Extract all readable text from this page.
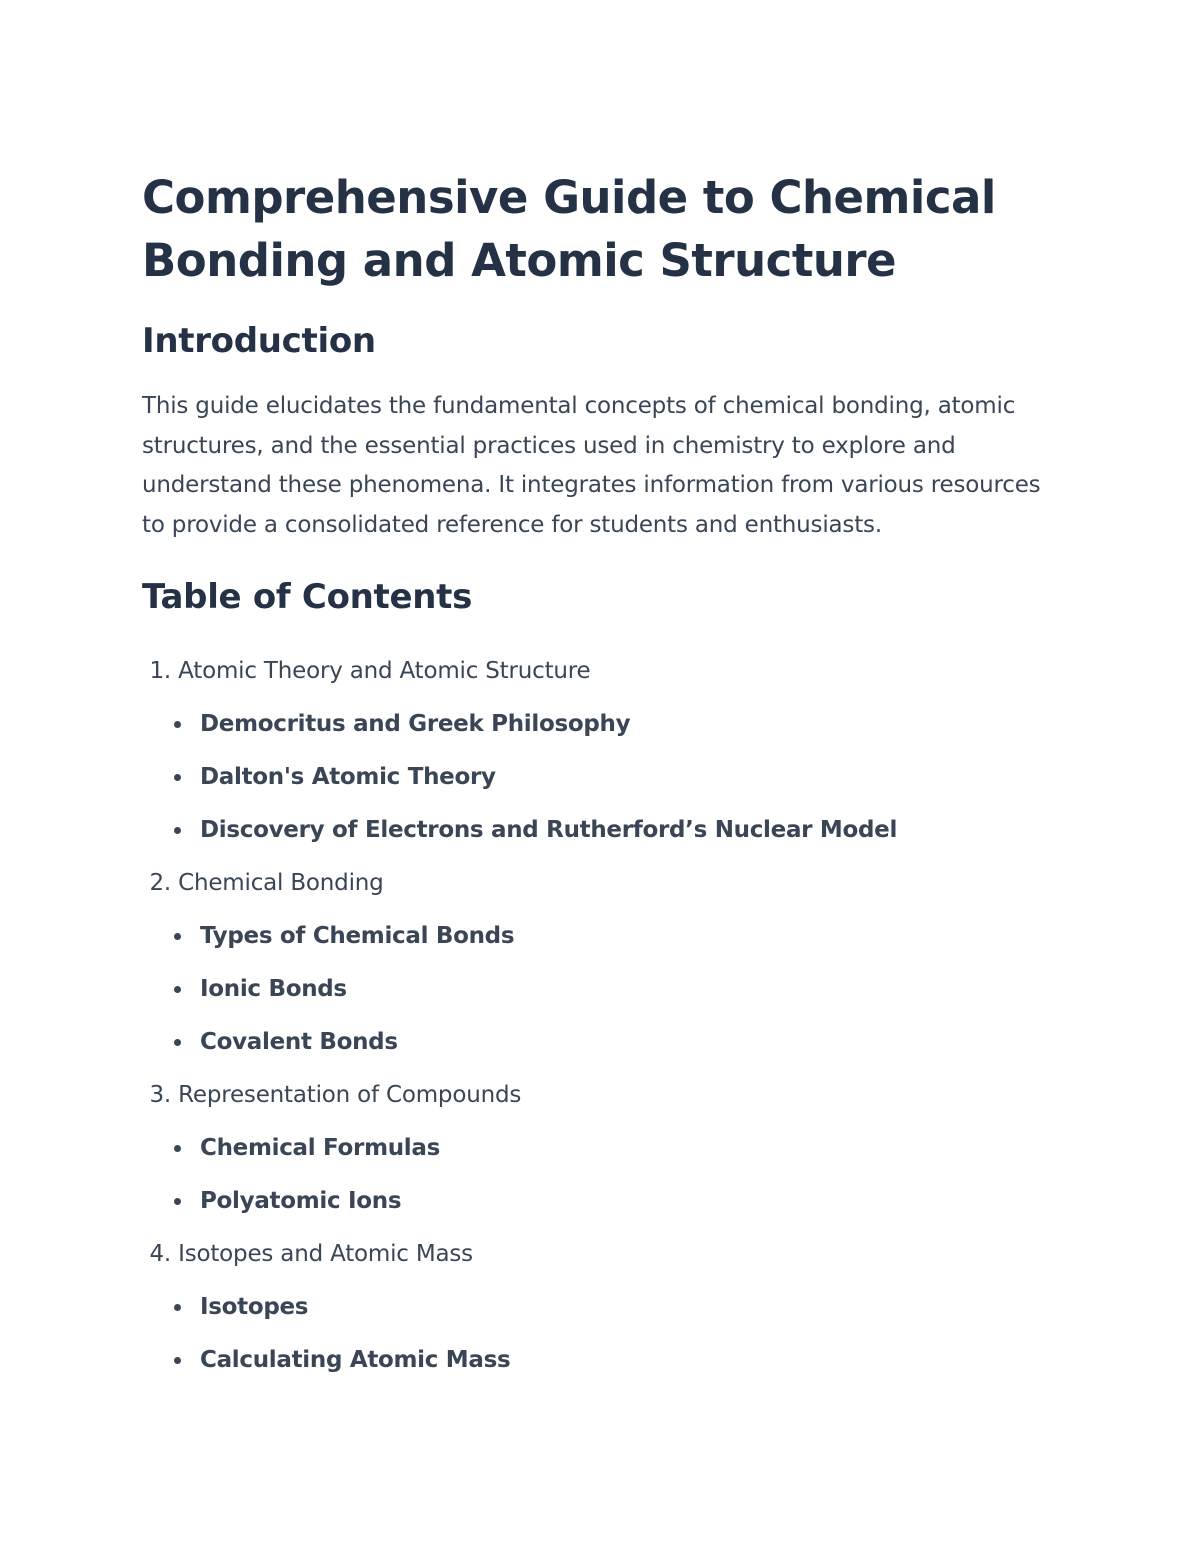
Comprehensive Guide to Chemical Bonding and Atomic Structure
Introduction

This guide elucidates the fundamental concepts of chemical bonding, atomic structures, and the essential practices used in chemistry to explore and understand these phenomena. It integrates information from various resources to provide a consolidated reference for students and enthusiasts.

Table of Contents
1. Atomic Theory and Atomic Structure
Democritus and Greek Philosophy
Dalton's Atomic Theory
Discovery of Electrons and Rutherford’s Nuclear Model
2. Chemical Bonding
Types of Chemical Bonds
Ionic Bonds
Covalent Bonds
3. Representation of Compounds
Chemical Formulas
Polyatomic Ions
4. Isotopes and Atomic Mass
Isotopes
Calculating Atomic Mass
